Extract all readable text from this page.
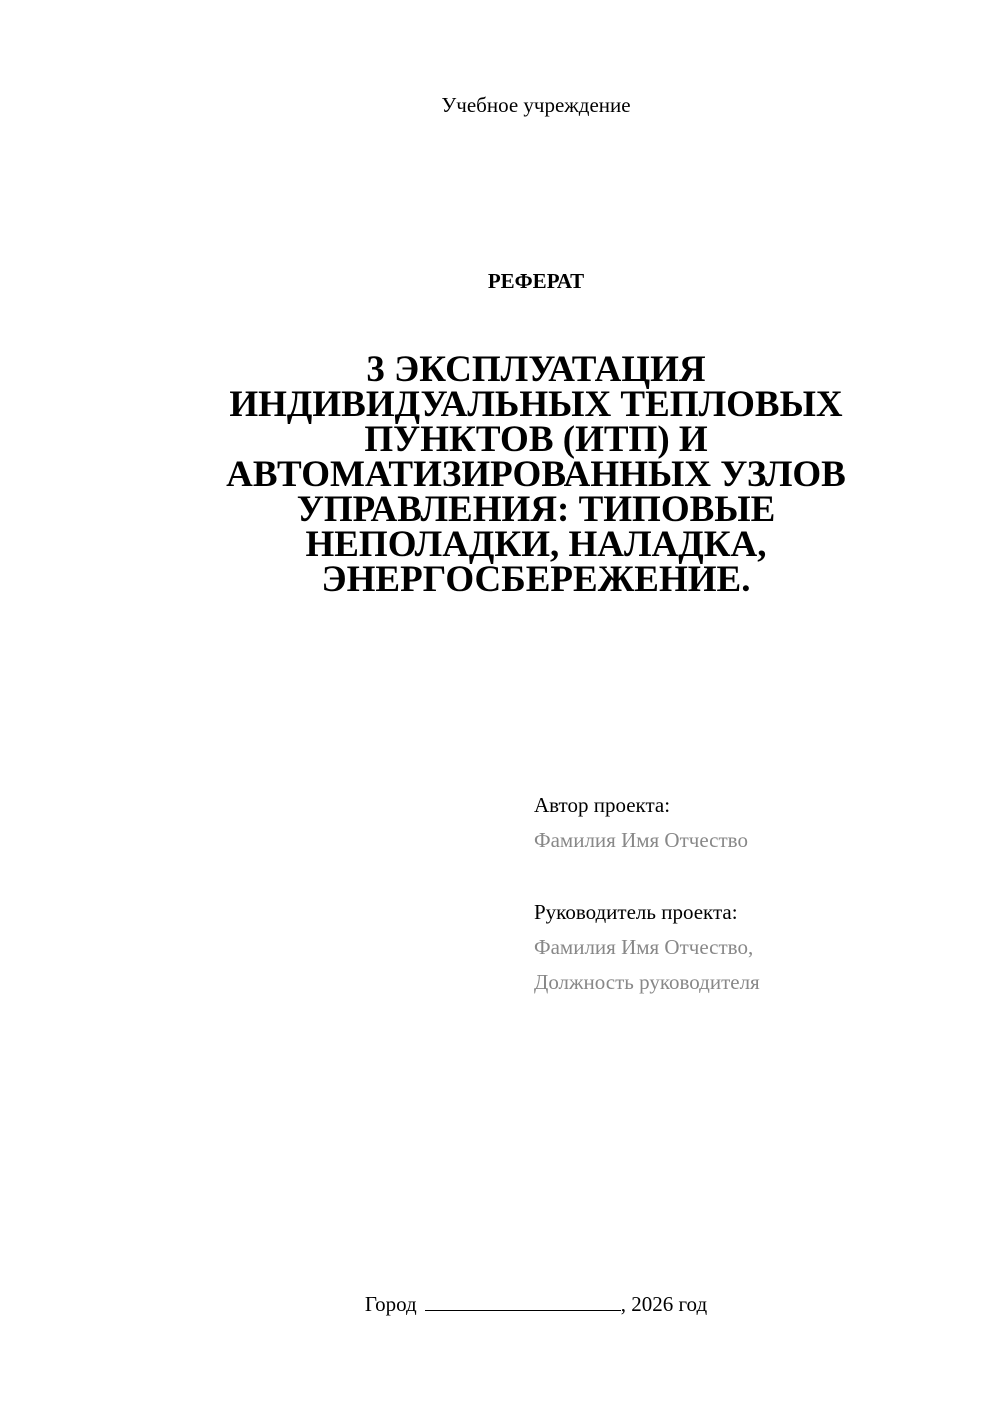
Учебное учреждение
РЕФЕРАТ
3 ЭКСПЛУАТАЦИЯ ИНДИВИДУАЛЬНЫХ ТЕПЛОВЫХ ПУНКТОВ (ИТП) И АВТОМАТИЗИРОВАННЫХ УЗЛОВ УПРАВЛЕНИЯ: ТИПОВЫЕ НЕПОЛАДКИ, НАЛАДКА, ЭНЕРГОСБЕРЕЖЕНИЕ.
Автор проекта:
Фамилия Имя Отчество
Руководитель проекта:
Фамилия Имя Отчество,
Должность руководителя
Город	, 2026 год
